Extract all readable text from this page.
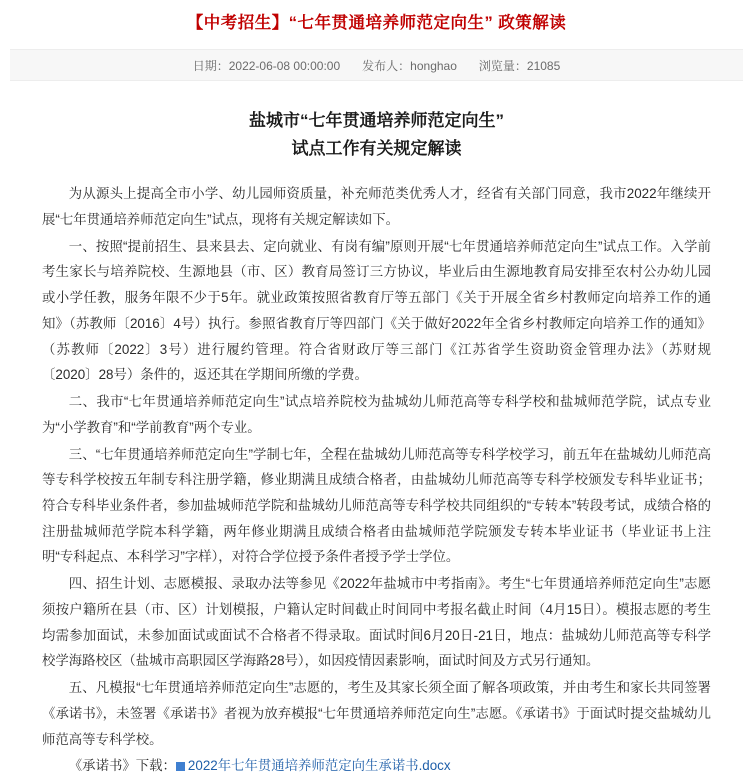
【中考招生】“七年贯通培养师范定向生” 政策解读
日期：2022-06-08 00:00:00 发布人：honghao 浏览量：21085
盐城市“七年贯通培养师范定向生”
试点工作有关规定解读

为从源头上提高全市小学、幼儿园师资质量，补充师范类优秀人才，经省有关部门同意，我市2022年继续开展“七年贯通培养师范定向生”试点，现将有关规定解读如下。

一、按照“提前招生、县来县去、定向就业、有岗有编”原则开展“七年贯通培养师范定向生”试点工作。入学前考生家长与培养院校、生源地县（市、区）教育局签订三方协议，毕业后由生源地教育局安排至农村公办幼儿园或小学任教，服务年限不少于5年。就业政策按照省教育厅等五部门《关于开展全省乡村教师定向培养工作的通知》（苏教师〔2016〕4号）执行。参照省教育厅等四部门《关于做好2022年全省乡村教师定向培养工作的通知》（苏教师〔2022〕3号）进行履约管理。符合省财政厅等三部门《江苏省学生资助资金管理办法》（苏财规〔2020〕28号）条件的，返还其在学期间所缴的学费。

二、我市“七年贯通培养师范定向生”试点培养院校为盐城幼儿师范高等专科学校和盐城师范学院，试点专业为“小学教育”和“学前教育”两个专业。

三、“七年贯通培养师范定向生”学制七年，全程在盐城幼儿师范高等专科学校学习，前五年在盐城幼儿师范高等专科学校按五年制专科注册学籍，修业期满且成绩合格者，由盐城幼儿师范高等专科学校颁发专科毕业证书；符合专科毕业条件者，参加盐城师范学院和盐城幼儿师范高等专科学校共同组织的“专转本”转段考试，成绩合格的注册盐城师范学院本科学籍，两年修业期满且成绩合格者由盐城师范学院颁发专转本毕业证书（毕业证书上注明“专科起点、本科学习”字样），对符合学位授予条件者授予学士学位。

四、招生计划、志愿模报、录取办法等参见《2022年盐城市中考指南》。考生“七年贯通培养师范定向生”志愿须按户籍所在县（市、区）计划模报，户籍认定时间截止时间同中考报名截止时间（4月15日）。模报志愿的考生均需参加面试，未参加面试或面试不合格者不得录取。面试时间6月20日-21日，地点：盐城幼儿师范高等专科学校学海路校区（盐城市高职园区学海路28号），如因疫情因素影响，面试时间及方式另行通知。

五、凡模报“七年贯通培养师范定向生”志愿的，考生及其家长须全面了解各项政策，并由考生和家长共同签署《承诺书》，未签署《承诺书》者视为放弃模报“七年贯通培养师范定向生”志愿。《承诺书》于面试时提交盐城幼儿师范高等专科学校。

《承诺书》下载： 2022年七年贯通培养师范定向生承诺书.docx
